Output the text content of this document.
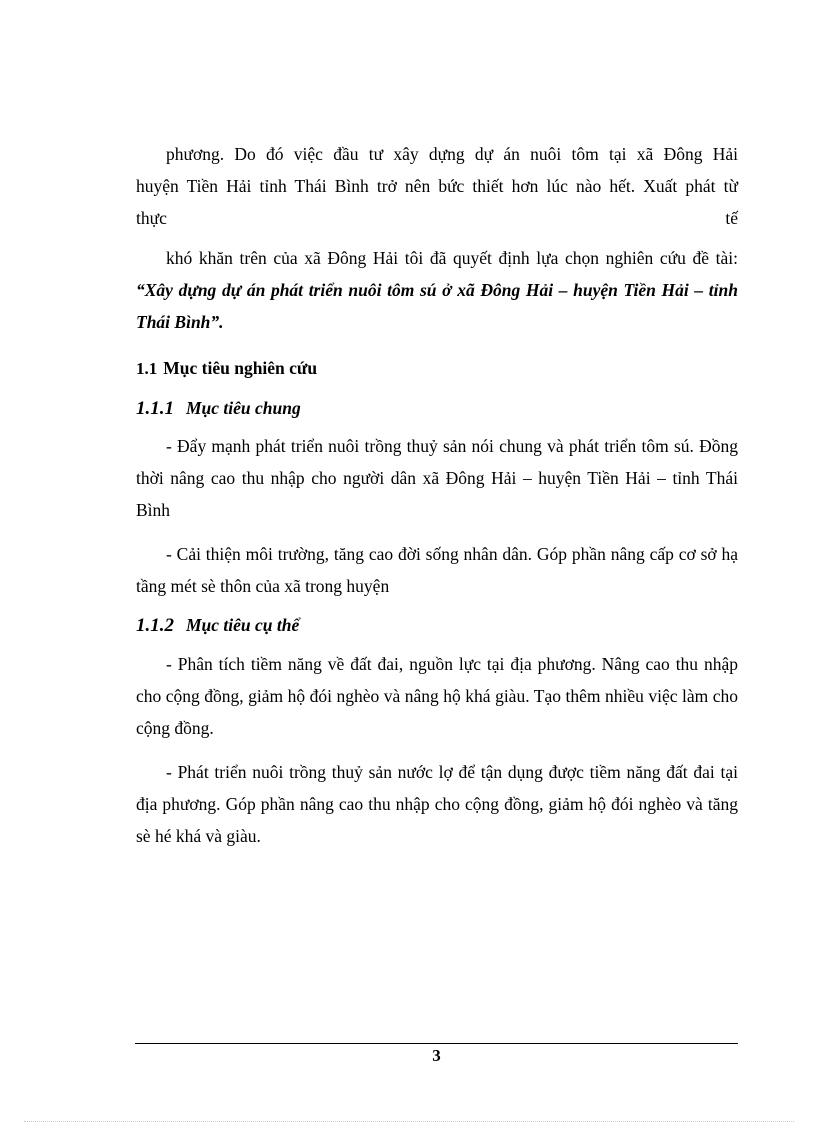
phương. Do đó việc đầu tư xây dựng dự án nuôi tôm tại xã Đông Hải

huyện Tiền Hải tỉnh Thái Bình trở nên bức thiết hơn lúc nào hết. Xuất phát từ

thực	tế

khó khăn trên của xã Đông Hải tôi đã quyết định lựa chọn nghiên cứu đề tài: “Xây dựng dự án phát triển nuôi tôm sú ở xã Đông Hải – huyện Tiền Hải – tỉnh Thái Bình”.

1.1 Mục tiêu nghiên cứu
1.1.1 Mục tiêu chung

- Đẩy mạnh phát triển nuôi trồng thuỷ sản nói chung và phát triển tôm sú. Đồng thời nâng cao thu nhập cho người dân xã Đông Hải – huyện Tiền Hải – tỉnh Thái Bình

- Cải thiện môi trường, tăng cao đời sống nhân dân. Góp phần nâng cấp cơ sở hạ tầng mét sè thôn của xã trong huyện

1.1.2 Mục tiêu cụ thể

- Phân tích tiềm năng về đất đai, nguồn lực tại địa phương. Nâng cao thu nhập cho cộng đồng, giảm hộ đói nghèo và nâng hộ khá giàu. Tạo thêm nhiều việc làm cho cộng đồng.

- Phát triển nuôi trồng thuỷ sản nước lợ để tận dụng được tiềm năng đất đai tại địa phương. Góp phần nâng cao thu nhập cho cộng đồng, giảm hộ đói nghèo và tăng sè hé khá và giàu.

3
